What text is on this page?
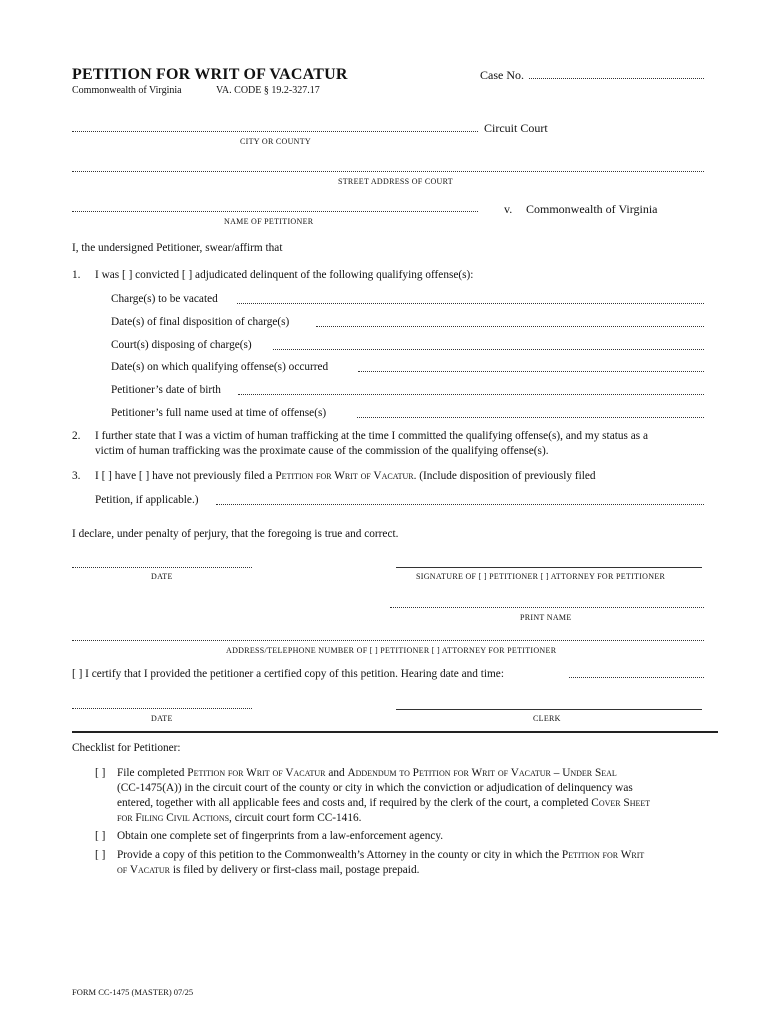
PETITION FOR WRIT OF VACATUR	Case No.
Commonwealth of Virginia	VA. CODE § 19.2-327.17
Circuit Court
CITY OR COUNTY
STREET ADDRESS OF COURT
v. Commonwealth of Virginia
NAME OF PETITIONER
I, the undersigned Petitioner, swear/affirm that
1. I was [ ] convicted [ ] adjudicated delinquent of the following qualifying offense(s):
Charge(s) to be vacated
Date(s) of final disposition of charge(s)
Court(s) disposing of charge(s)
Date(s) on which qualifying offense(s) occurred
Petitioner’s date of birth
Petitioner’s full name used at time of offense(s)
2. I further state that I was a victim of human trafficking at the time I committed the qualifying offense(s), and my status as a
victim of human trafficking was the proximate cause of the commission of the qualifying offense(s).
3. I [ ] have [ ] have not previously filed a Petition for Writ of Vacatur. (Include disposition of previously filed
Petition, if applicable.)
I declare, under penalty of perjury, that the foregoing is true and correct.
DATE	SIGNATURE OF [ ] PETITIONER [ ] ATTORNEY FOR PETITIONER
PRINT NAME
ADDRESS/TELEPHONE NUMBER OF [ ] PETITIONER [ ] ATTORNEY FOR PETITIONER
[ ] I certify that I provided the petitioner a certified copy of this petition. Hearing date and time:
DATE	CLERK
Checklist for Petitioner:
[ ] File completed Petition for Writ of Vacatur and Addendum to Petition for Writ of Vacatur – Under Seal
(CC-1475(A)) in the circuit court of the county or city in which the conviction or adjudication of delinquency was
entered, together with all applicable fees and costs and, if required by the clerk of the court, a completed Cover Sheet
for Filing Civil Actions, circuit court form CC-1416.
[ ] Obtain one complete set of fingerprints from a law-enforcement agency.
[ ] Provide a copy of this petition to the Commonwealth’s Attorney in the county or city in which the Petition for Writ
of Vacatur is filed by delivery or first-class mail, postage prepaid.
FORM CC-1475 (MASTER) 07/25
